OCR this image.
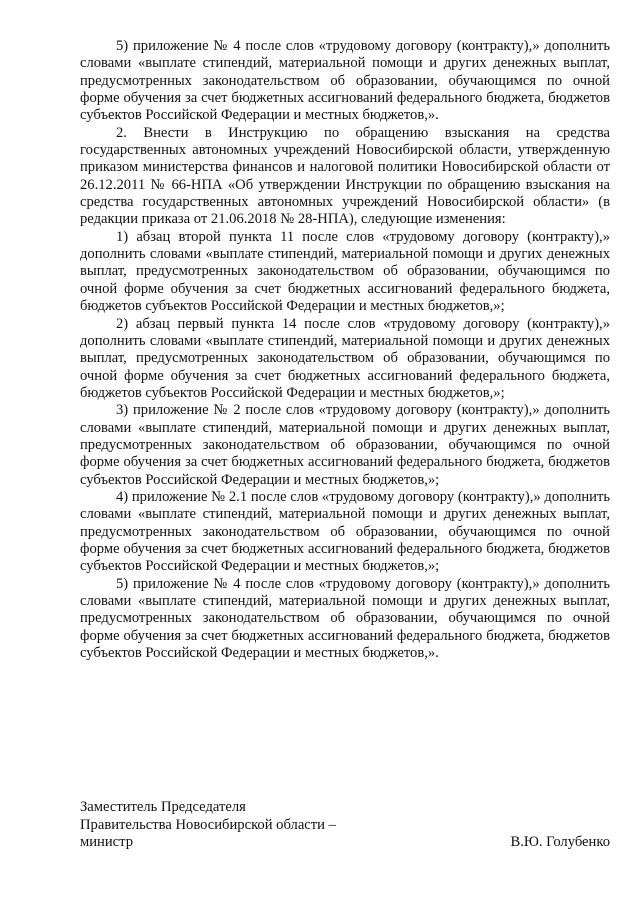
5) приложение № 4 после слов «трудовому договору (контракту),» дополнить словами «выплате стипендий, материальной помощи и других денежных выплат, предусмотренных законодательством об образовании, обучающимся по очной форме обучения за счет бюджетных ассигнований федерального бюджета, бюджетов субъектов Российской Федерации и местных бюджетов,».

2. Внести в Инструкцию по обращению взыскания на средства государственных автономных учреждений Новосибирской области, утвержденную приказом министерства финансов и налоговой политики Новосибирской области от 26.12.2011 № 66-НПА «Об утверждении Инструкции по обращению взыскания на средства государственных автономных учреждений Новосибирской области» (в редакции приказа от 21.06.2018 № 28-НПА), следующие изменения:

1) абзац второй пункта 11 после слов «трудовому договору (контракту),» дополнить словами «выплате стипендий, материальной помощи и других денежных выплат, предусмотренных законодательством об образовании, обучающимся по очной форме обучения за счет бюджетных ассигнований федерального бюджета, бюджетов субъектов Российской Федерации и местных бюджетов,»;

2) абзац первый пункта 14 после слов «трудовому договору (контракту),» дополнить словами «выплате стипендий, материальной помощи и других денежных выплат, предусмотренных законодательством об образовании, обучающимся по очной форме обучения за счет бюджетных ассигнований федерального бюджета, бюджетов субъектов Российской Федерации и местных бюджетов,»;

3) приложение № 2 после слов «трудовому договору (контракту),» дополнить словами «выплате стипендий, материальной помощи и других денежных выплат, предусмотренных законодательством об образовании, обучающимся по очной форме обучения за счет бюджетных ассигнований федерального бюджета, бюджетов субъектов Российской Федерации и местных бюджетов,»;

4) приложение № 2.1 после слов «трудовому договору (контракту),» дополнить словами «выплате стипендий, материальной помощи и других денежных выплат, предусмотренных законодательством об образовании, обучающимся по очной форме обучения за счет бюджетных ассигнований федерального бюджета, бюджетов субъектов Российской Федерации и местных бюджетов,»;

5) приложение № 4 после слов «трудовому договору (контракту),» дополнить словами «выплате стипендий, материальной помощи и других денежных выплат, предусмотренных законодательством об образовании, обучающимся по очной форме обучения за счет бюджетных ассигнований федерального бюджета, бюджетов субъектов Российской Федерации и местных бюджетов,».

Заместитель Председателя
Правительства Новосибирской области –
министр	В.Ю. Голубенко
